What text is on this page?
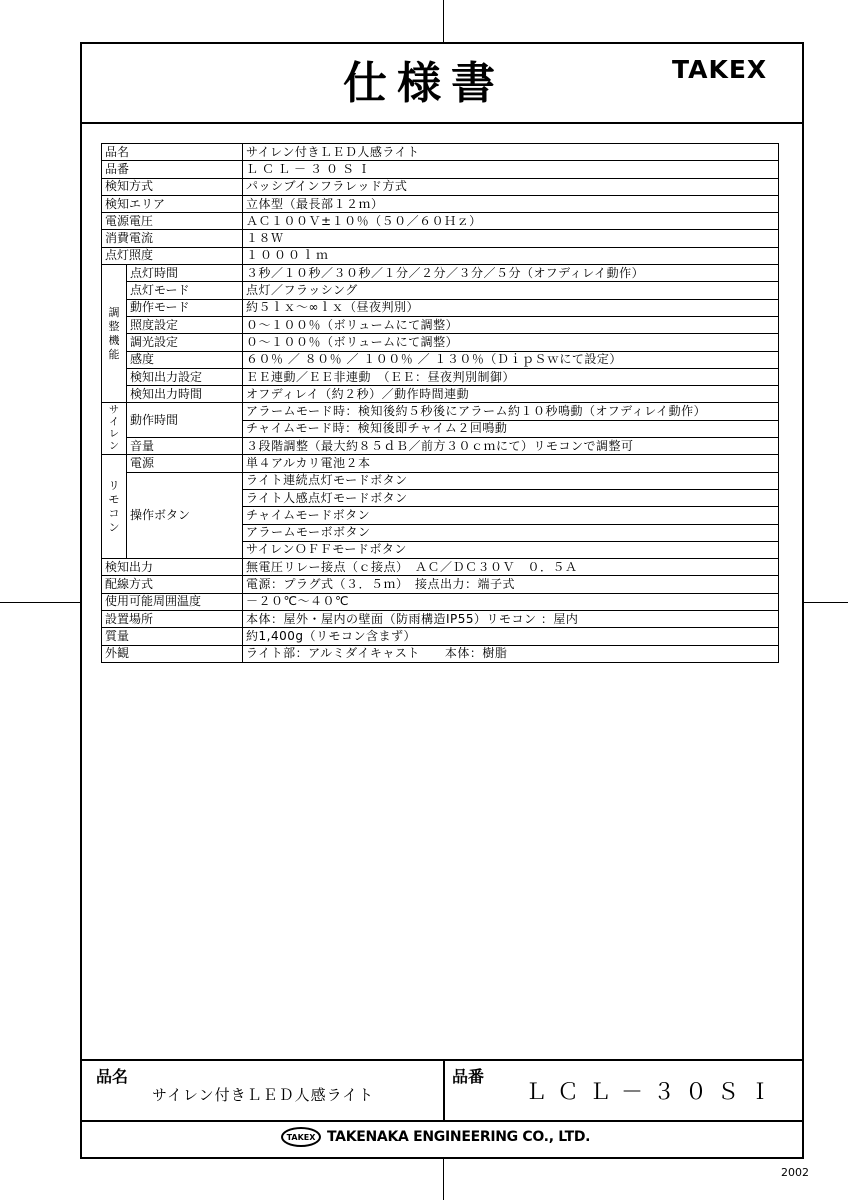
仕様書	TAKEX
品名		サイレン付きＬＥＤ人感ライト
品番		ＬＣＬ－３０ＳＩ
検知方式		パッシブインフラレッド方式
検知エリア		立体型（最長部１２ｍ）
電源電圧		ＡＣ１００Ｖ±１０％（５０／６０Ｈｚ）
消費電流		１８Ｗ
点灯照度		１０００ｌｍ
調整機能	点灯時間	３秒／１０秒／３０秒／１分／２分／３分／５分（オフディレイ動作）
	点灯モード	点灯／フラッシング
	動作モード	約５ｌｘ～∞ｌｘ（昼夜判別）
	照度設定	０～１００％（ボリュームにて調整）
	調光設定	０～１００％（ボリュームにて調整）
	感度	６０％ ／ ８０％ ／ １００％ ／ １３０％（ＤｉｐＳｗにて設定）
	検知出力設定	ＥＥ連動／ＥＥ非連動　（ＥＥ：昼夜判別制御）
	検知出力時間	オフディレイ（約２秒）／動作時間連動
サイレン	動作時間	アラームモード時：検知後約５秒後にアラーム約１０秒鳴動（オフディレイ動作）
		チャイムモード時：検知後即チャイム２回鳴動
	音量	３段階調整（最大約８５ｄＢ／前方３０ｃｍにて）リモコンで調整可
リモコン	電源	単４アルカリ電池２本
	操作ボタン	ライト連続点灯モードボタン
		ライト人感点灯モードボタン
		チャイムモードボタン
		アラームモーボボタン
		サイレンＯＦＦモードボタン
検知出力		無電圧リレー接点（ｃ接点）　ＡＣ／ＤＣ３０Ｖ　０．５Ａ
配線方式		電源：プラグ式（３．５ｍ）　接点出力：端子式
使用可能周囲温度		－２０℃～４０℃
設置場所		本体：屋外・屋内の壁面（防雨構造IP55）リモコン ：屋内
質量		約1,400g（リモコン含まず）
外観		ライト部：アルミダイキャスト　　本体：樹脂
品名
サイレン付きＬＥＤ人感ライト
品番
ＬＣＬ－３０ＳＩ
TAKEX TAKENAKA ENGINEERING CO., LTD.
2002
